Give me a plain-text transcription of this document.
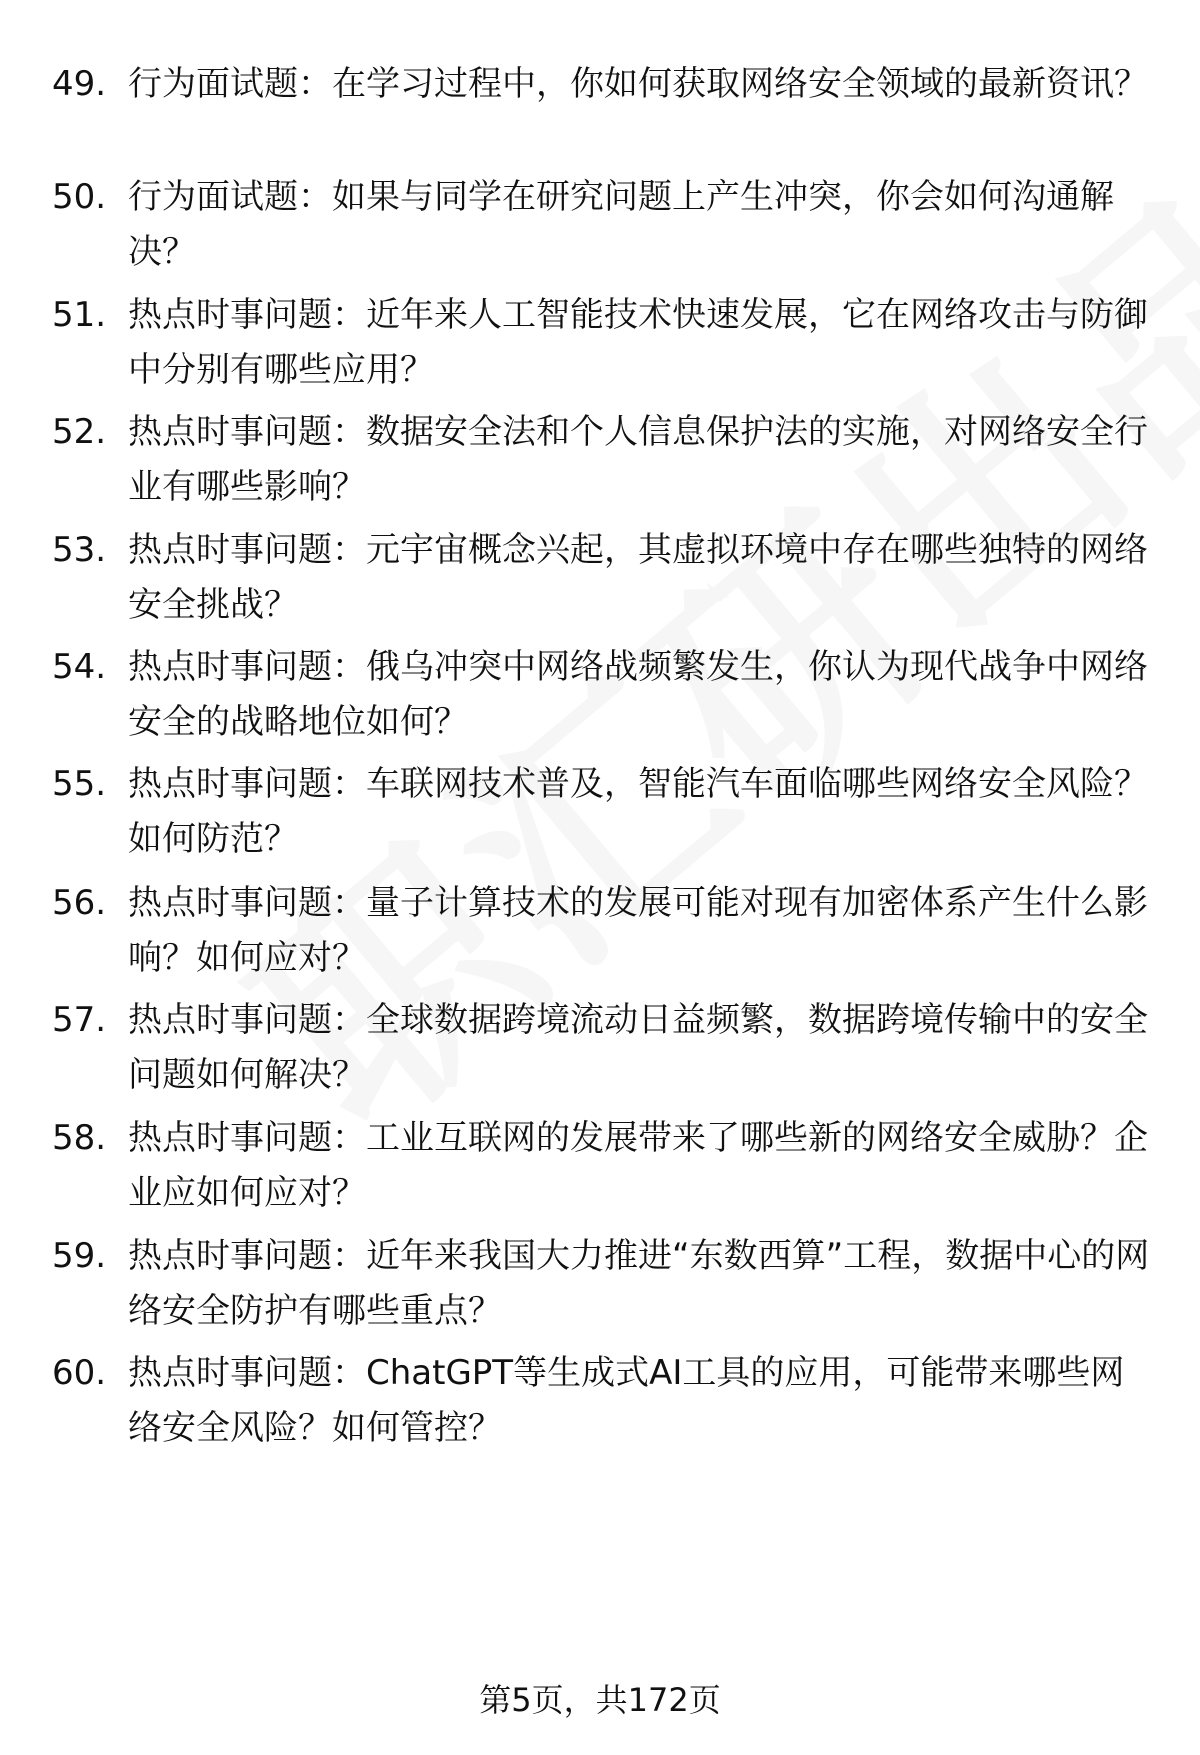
49. 行为面试题：在学习过程中，你如何获取网络安全领域的最新资讯？
50. 行为面试题：如果与同学在研究问题上产生冲突，你会如何沟通解决？
51. 热点时事问题：近年来人工智能技术快速发展，它在网络攻击与防御中分别有哪些应用？
52. 热点时事问题：数据安全法和个人信息保护法的实施，对网络安全行业有哪些影响？
53. 热点时事问题：元宇宙概念兴起，其虚拟环境中存在哪些独特的网络安全挑战？
54. 热点时事问题：俄乌冲突中网络战频繁发生，你认为现代战争中网络安全的战略地位如何？
55. 热点时事问题：车联网技术普及，智能汽车面临哪些网络安全风险？如何防范？
56. 热点时事问题：量子计算技术的发展可能对现有加密体系产生什么影响？如何应对？
57. 热点时事问题：全球数据跨境流动日益频繁，数据跨境传输中的安全问题如何解决？
58. 热点时事问题：工业互联网的发展带来了哪些新的网络安全威胁？企业应如何应对？
59. 热点时事问题：近年来我国大力推进“东数西算”工程，数据中心的网络安全防护有哪些重点？
60. 热点时事问题：ChatGPT等生成式AI工具的应用，可能带来哪些网络安全风险？如何管控？
第5页，共172页
